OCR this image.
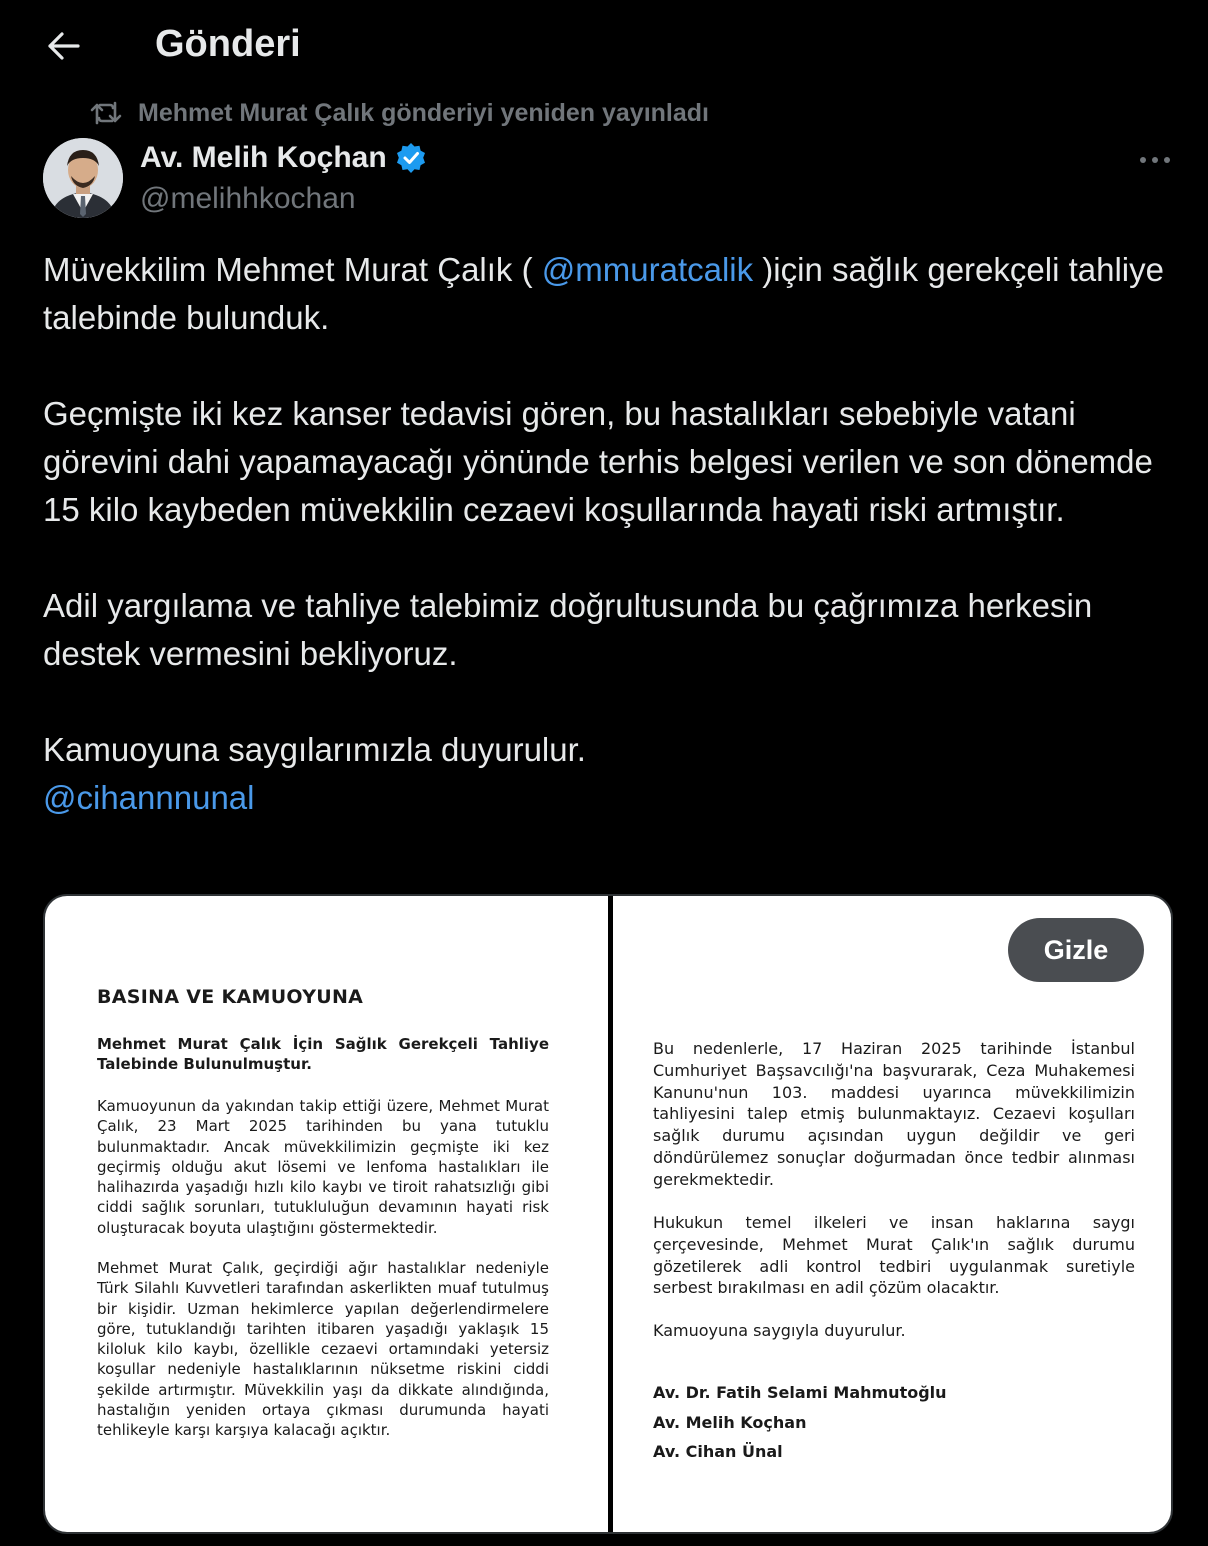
Gönderi
Mehmet Murat Çalık gönderiyi yeniden yayınladı
Av. Melih Koçhan
@melihhkochan

Müvekkilim Mehmet Murat Çalık ( @mmuratcalik )için sağlık gerekçeli tahliye talebinde bulunduk.

Geçmişte iki kez kanser tedavisi gören, bu hastalıkları sebebiyle vatani görevini dahi yapamayacağı yönünde terhis belgesi verilen ve son dönemde 15 kilo kaybeden müvekkilin cezaevi koşullarında hayati riski artmıştır.

Adil yargılama ve tahliye talebimiz doğrultusunda bu çağrımıza herkesin destek vermesini bekliyoruz.

Kamuoyuna saygılarımızla duyurulur.

@cihannnunal

BASINA VE KAMUOYUNA
Mehmet Murat Çalık İçin Sağlık Gerekçeli Tahliye Talebinde Bulunulmuştur.
Kamuoyunun da yakından takip ettiği üzere, Mehmet Murat Çalık, 23 Mart 2025 tarihinden bu yana tutuklu bulunmaktadır. Ancak müvekkilimizin geçmişte iki kez geçirmiş olduğu akut lösemi ve lenfoma hastalıkları ile halihazırda yaşadığı hızlı kilo kaybı ve tiroit rahatsızlığı gibi ciddi sağlık sorunları, tutukluluğun devamının hayati risk oluşturacak boyuta ulaştığını göstermektedir.
Mehmet Murat Çalık, geçirdiği ağır hastalıklar nedeniyle Türk Silahlı Kuvvetleri tarafından askerlikten muaf tutulmuş bir kişidir. Uzman hekimlerce yapılan değerlendirmelere göre, tutuklandığı tarihten itibaren yaşadığı yaklaşık 15 kiloluk kilo kaybı, özellikle cezaevi ortamındaki yetersiz koşullar nedeniyle hastalıklarının nüksetme riskini ciddi şekilde artırmıştır. Müvekkilin yaşı da dikkate alındığında, hastalığın yeniden ortaya çıkması durumunda hayati tehlikeyle karşı karşıya kalacağı açıktır.
Bu nedenlerle, 17 Haziran 2025 tarihinde İstanbul Cumhuriyet Başsavcılığı'na başvurarak, Ceza Muhakemesi Kanunu'nun 103. maddesi uyarınca müvekkilimizin tahliyesini talep etmiş bulunmaktayız. Cezaevi koşulları sağlık durumu açısından uygun değildir ve geri döndürülemez sonuçlar doğurmadan önce tedbir alınması gerekmektedir.
Hukukun temel ilkeleri ve insan haklarına saygı çerçevesinde, Mehmet Murat Çalık'ın sağlık durumu gözetilerek adli kontrol tedbiri uygulanmak suretiyle serbest bırakılması en adil çözüm olacaktır.
Kamuoyuna saygıyla duyurulur.
Av. Dr. Fatih Selami Mahmutoğlu
Av. Melih Koçhan
Av. Cihan Ünal
Gizle
